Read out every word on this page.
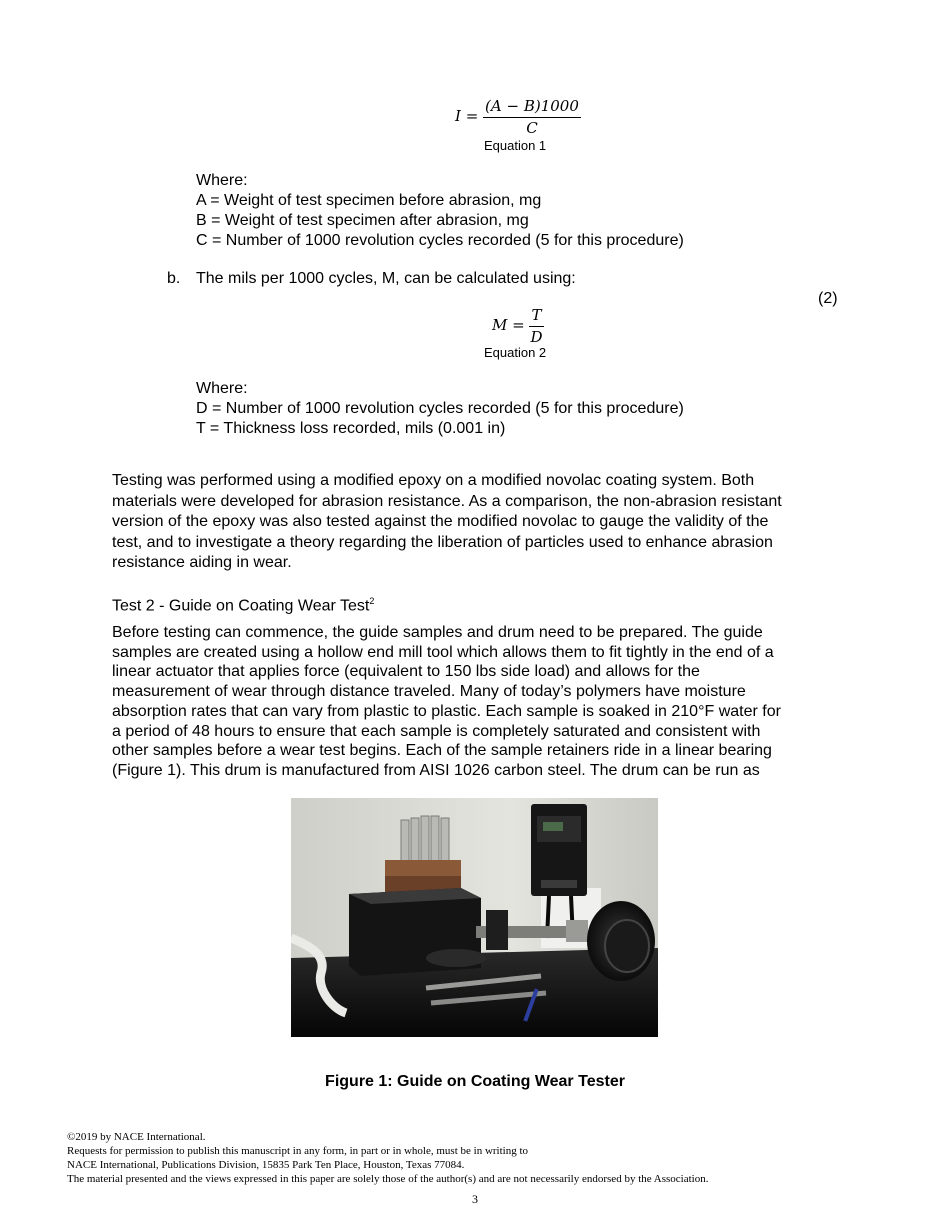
$I = \frac{(A - B)1000}{C}$
Equation 1
Where:
A = Weight of test specimen before abrasion, mg
B = Weight of test specimen after abrasion, mg
C = Number of 1000 revolution cycles recorded (5 for this procedure)
b. The mils per 1000 cycles, M, can be calculated using:
(2)
$M = \frac{T}{D}$
Equation 2
Where:
D = Number of 1000 revolution cycles recorded (5 for this procedure)
T = Thickness loss recorded, mils (0.001 in)
Testing was performed using a modified epoxy on a modified novolac coating system. Both
materials were developed for abrasion resistance. As a comparison, the non-abrasion resistant
version of the epoxy was also tested against the modified novolac to gauge the validity of the
test, and to investigate a theory regarding the liberation of particles used to enhance abrasion
resistance aiding in wear.
Test 2 - Guide on Coating Wear Test$^2$
Before testing can commence, the guide samples and drum need to be prepared. The guide
samples are created using a hollow end mill tool which allows them to fit tightly in the end of a
linear actuator that applies force (equivalent to 150 lbs side load) and allows for the
measurement of wear through distance traveled. Many of today’s polymers have moisture
absorption rates that can vary from plastic to plastic. Each sample is soaked in 210°F water for
a period of 48 hours to ensure that each sample is completely saturated and consistent with
other samples before a wear test begins. Each of the sample retainers ride in a linear bearing
(Figure 1). This drum is manufactured from AISI 1026 carbon steel. The drum can be run as
Figure 1: Guide on Coating Wear Tester
©2019 by NACE International.
Requests for permission to publish this manuscript in any form, in part or in whole, must be in writing to
NACE International, Publications Division, 15835 Park Ten Place, Houston, Texas 77084.
The material presented and the views expressed in this paper are solely those of the author(s) and are not necessarily endorsed by the Association.
3
